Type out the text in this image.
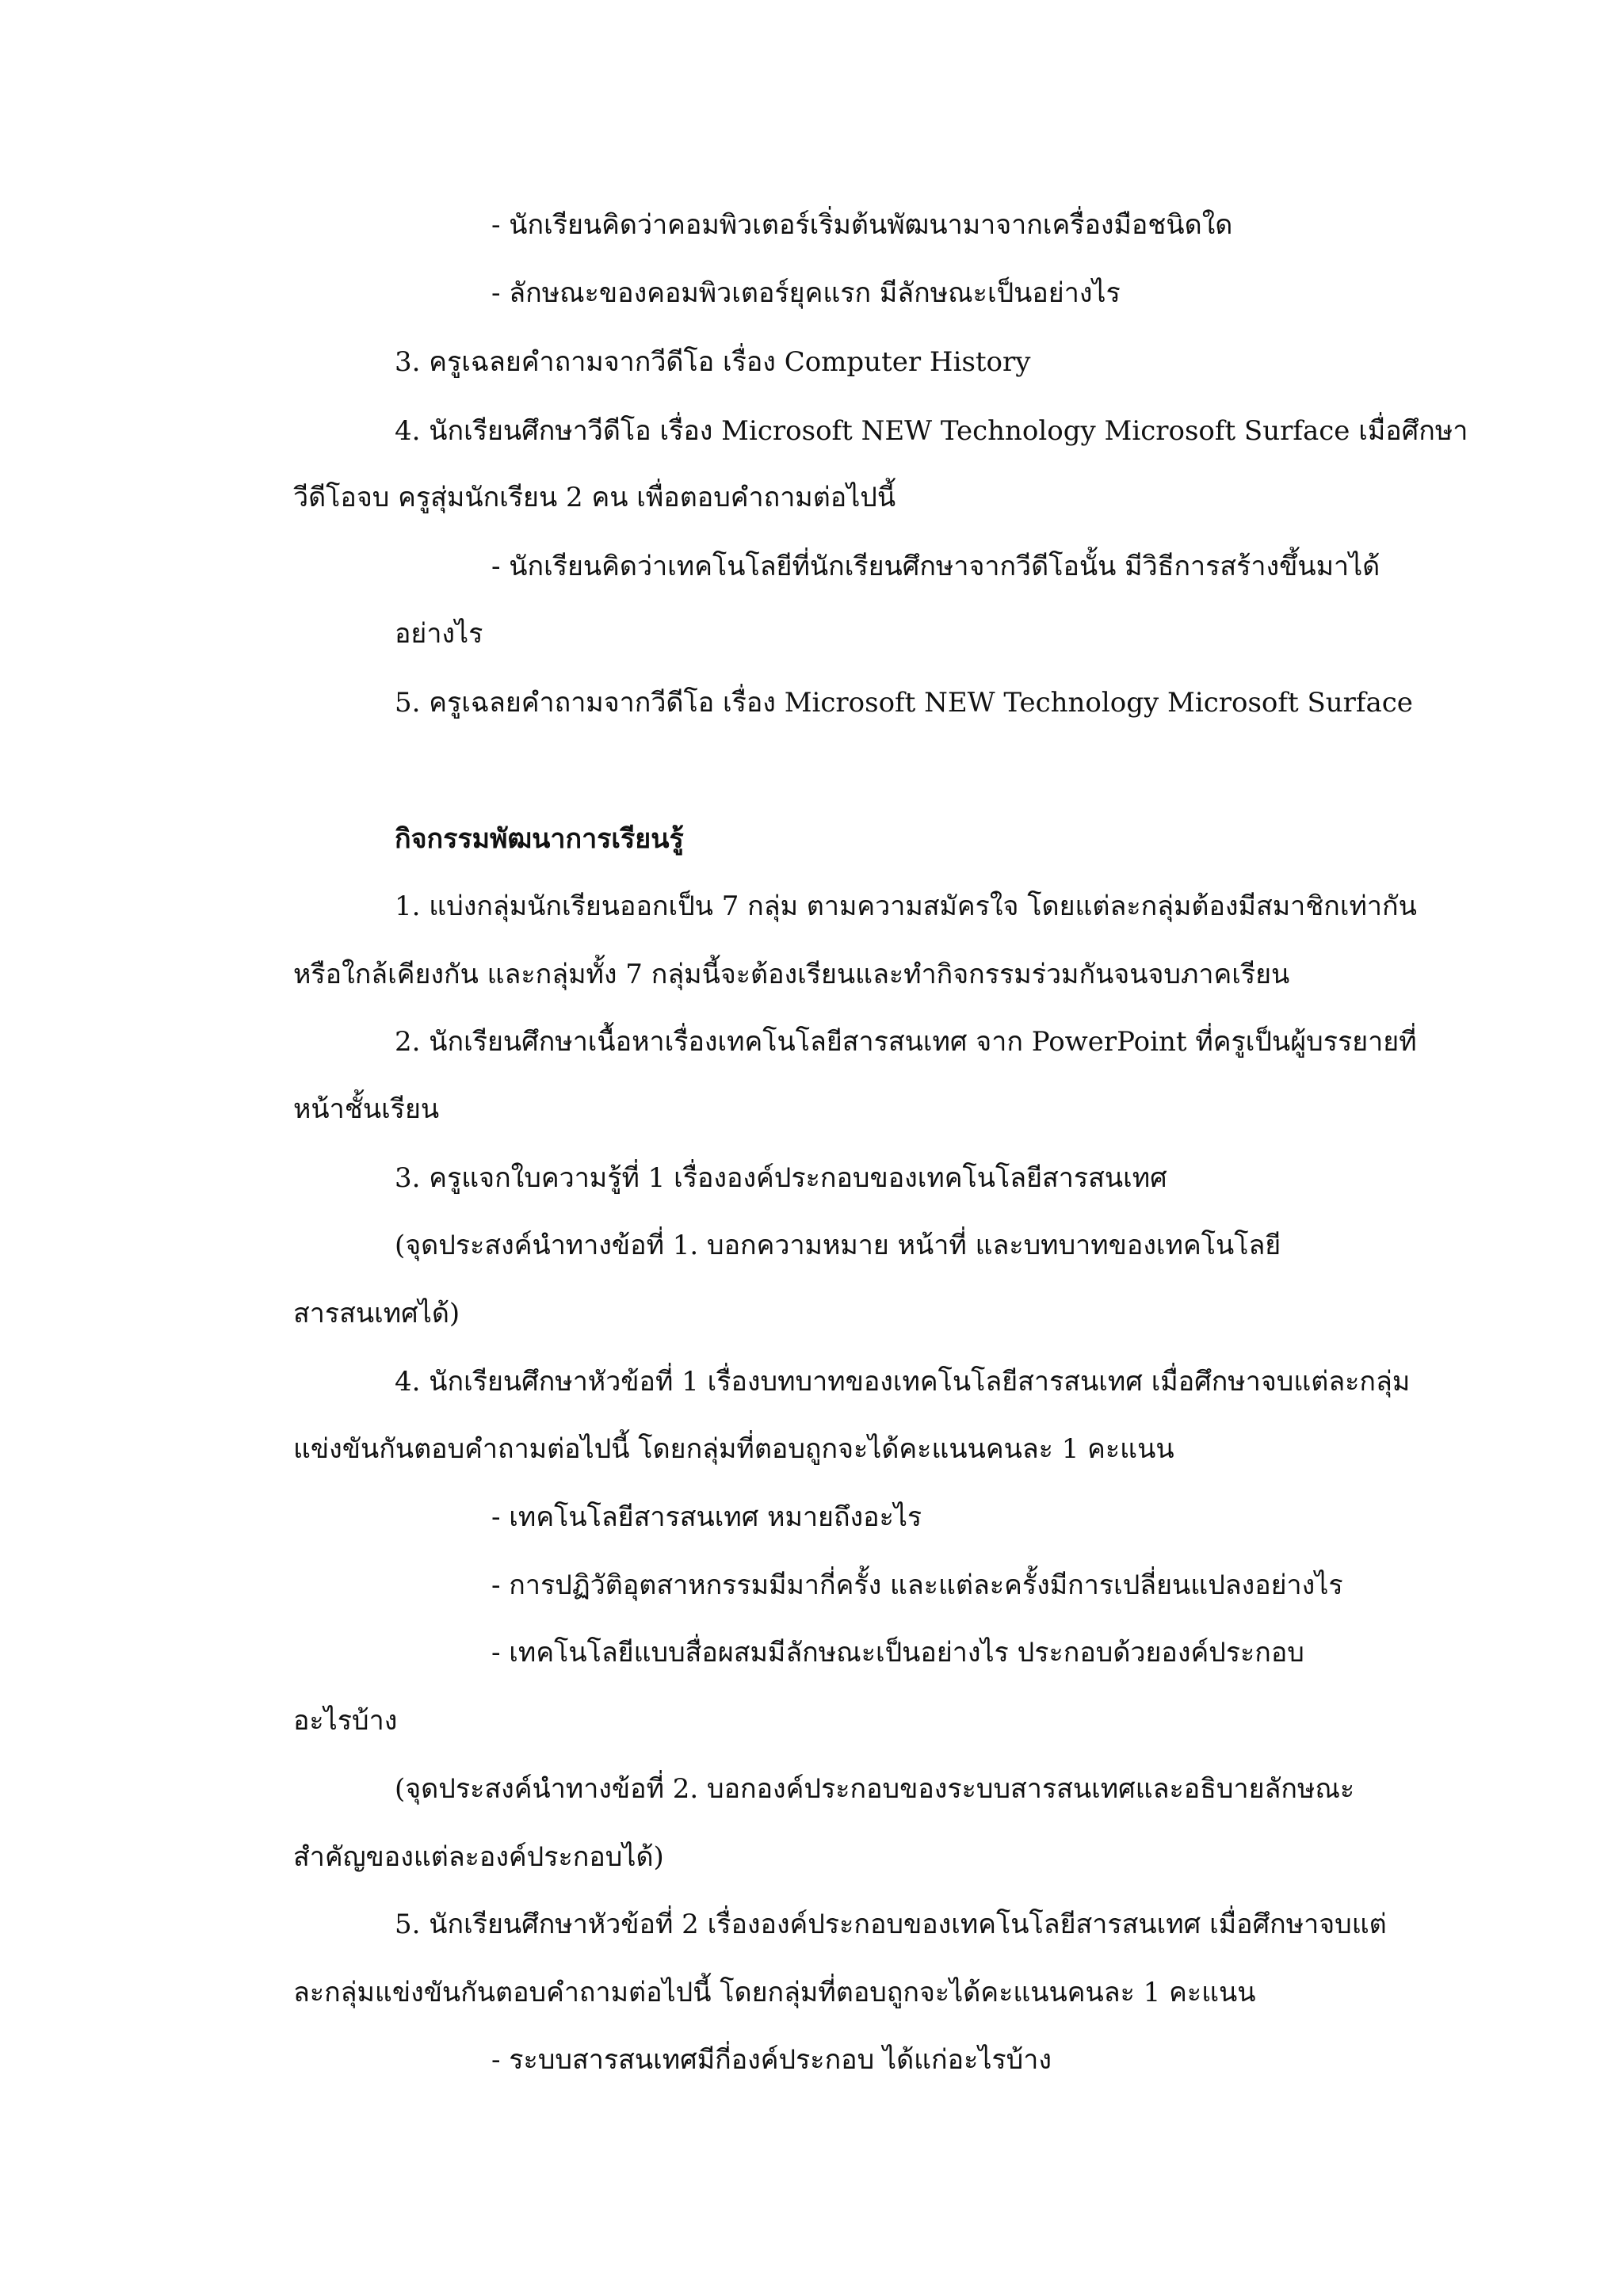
- นักเรียนคิดว่าคอมพิวเตอร์เริ่มต้นพัฒนามาจากเครื่องมือชนิดใด
- ลักษณะของคอมพิวเตอร์ยุคแรก มีลักษณะเป็นอย่างไร
3. ครูเฉลยคำถามจากวีดีโอ เรื่อง Computer History
4. นักเรียนศึกษาวีดีโอ เรื่อง Microsoft NEW Technology Microsoft Surface เมื่อศึกษา
วีดีโอจบ ครูสุ่มนักเรียน 2 คน เพื่อตอบคำถามต่อไปนี้
- นักเรียนคิดว่าเทคโนโลยีที่นักเรียนศึกษาจากวีดีโอนั้น มีวิธีการสร้างขึ้นมาได้
อย่างไร
5. ครูเฉลยคำถามจากวีดีโอ เรื่อง Microsoft NEW Technology Microsoft Surface
กิจกรรมพัฒนาการเรียนรู้
1. แบ่งกลุ่มนักเรียนออกเป็น 7 กลุ่ม ตามความสมัครใจ โดยแต่ละกลุ่มต้องมีสมาชิกเท่ากัน
หรือใกล้เคียงกัน และกลุ่มทั้ง 7 กลุ่มนี้จะต้องเรียนและทำกิจกรรมร่วมกันจนจบภาคเรียน
2. นักเรียนศึกษาเนื้อหาเรื่องเทคโนโลยีสารสนเทศ จาก PowerPoint ที่ครูเป็นผู้บรรยายที่
หน้าชั้นเรียน
3. ครูแจกใบความรู้ที่ 1 เรื่ององค์ประกอบของเทคโนโลยีสารสนเทศ
(จุดประสงค์นำทางข้อที่ 1. บอกความหมาย หน้าที่ และบทบาทของเทคโนโลยี
สารสนเทศได้)
4. นักเรียนศึกษาหัวข้อที่ 1 เรื่องบทบาทของเทคโนโลยีสารสนเทศ เมื่อศึกษาจบแต่ละกลุ่ม
แข่งขันกันตอบคำถามต่อไปนี้ โดยกลุ่มที่ตอบถูกจะได้คะแนนคนละ 1 คะแนน
- เทคโนโลยีสารสนเทศ หมายถึงอะไร
- การปฏิวัติอุตสาหกรรมมีมากี่ครั้ง และแต่ละครั้งมีการเปลี่ยนแปลงอย่างไร
- เทคโนโลยีแบบสื่อผสมมีลักษณะเป็นอย่างไร ประกอบด้วยองค์ประกอบ
อะไรบ้าง
(จุดประสงค์นำทางข้อที่ 2. บอกองค์ประกอบของระบบสารสนเทศและอธิบายลักษณะ
สำคัญของแต่ละองค์ประกอบได้)
5. นักเรียนศึกษาหัวข้อที่ 2 เรื่ององค์ประกอบของเทคโนโลยีสารสนเทศ เมื่อศึกษาจบแต่
ละกลุ่มแข่งขันกันตอบคำถามต่อไปนี้ โดยกลุ่มที่ตอบถูกจะได้คะแนนคนละ 1 คะแนน
- ระบบสารสนเทศมีกี่องค์ประกอบ ได้แก่อะไรบ้าง
